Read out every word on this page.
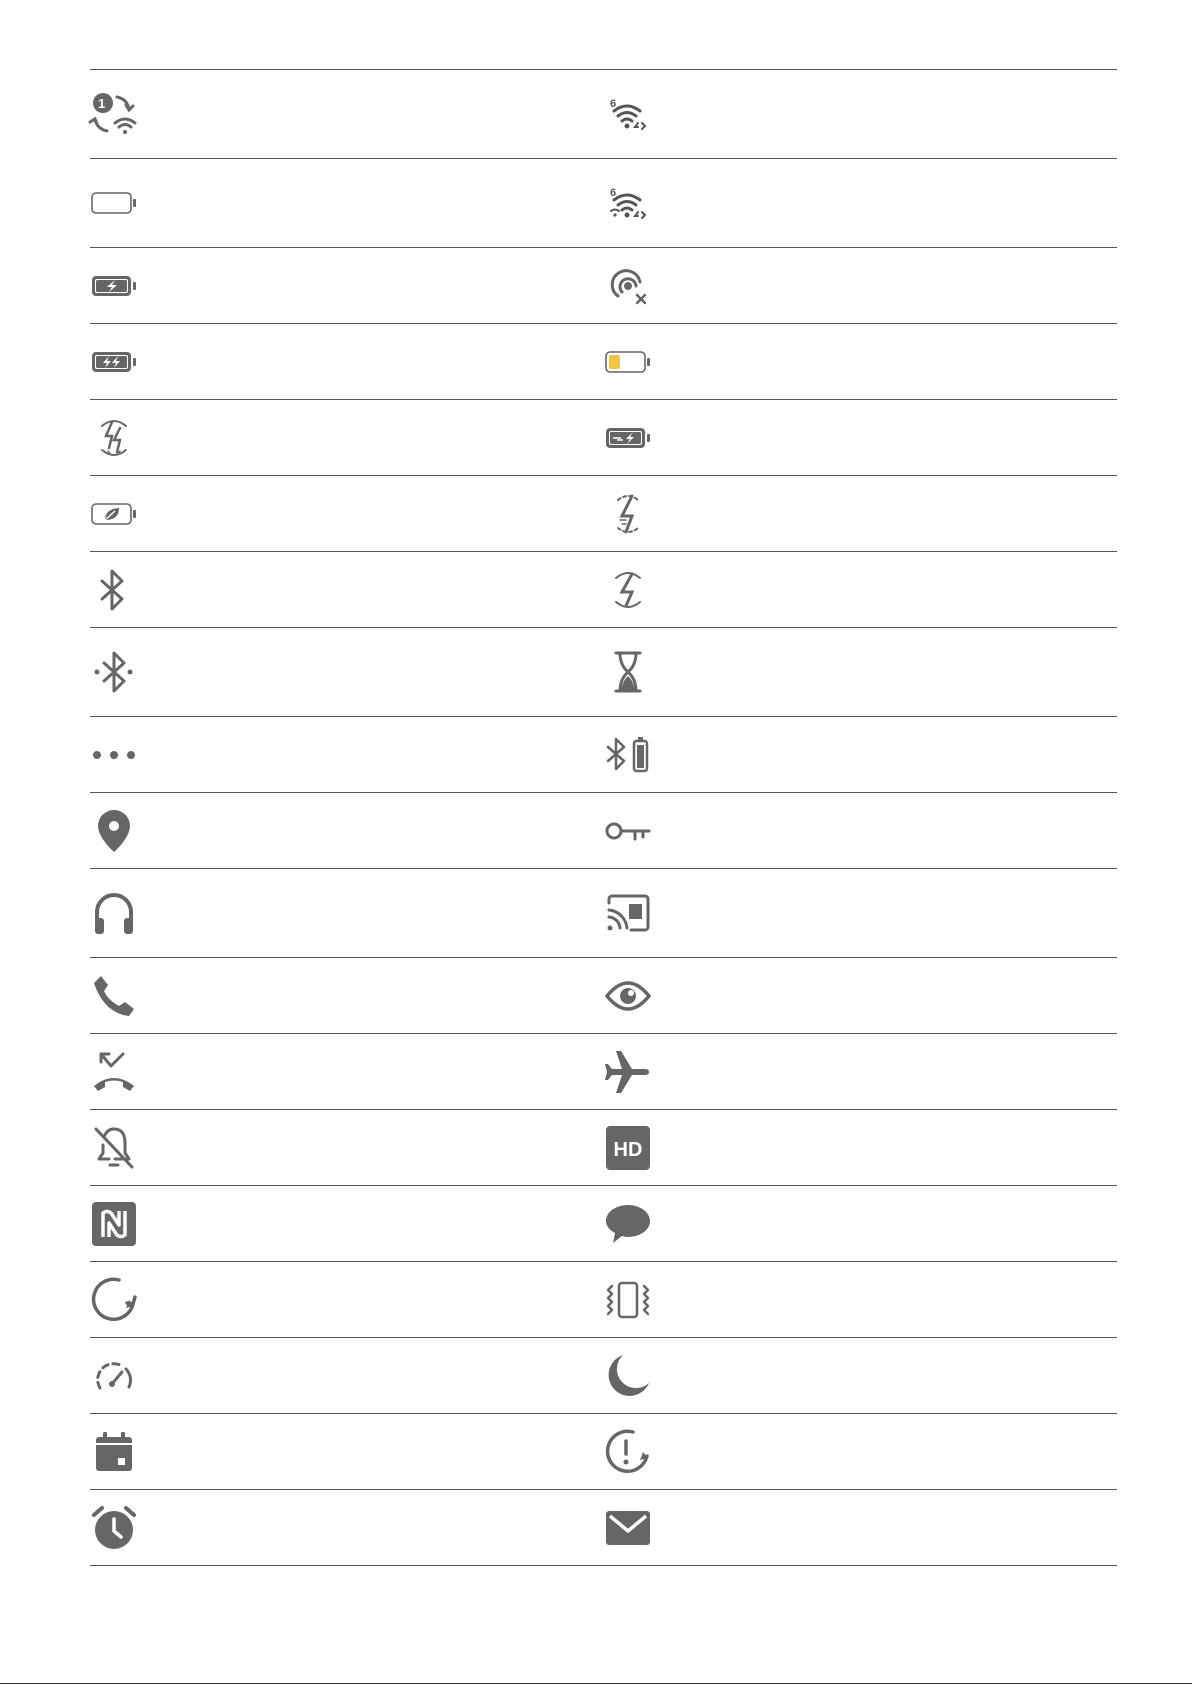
1	6
6
HD
